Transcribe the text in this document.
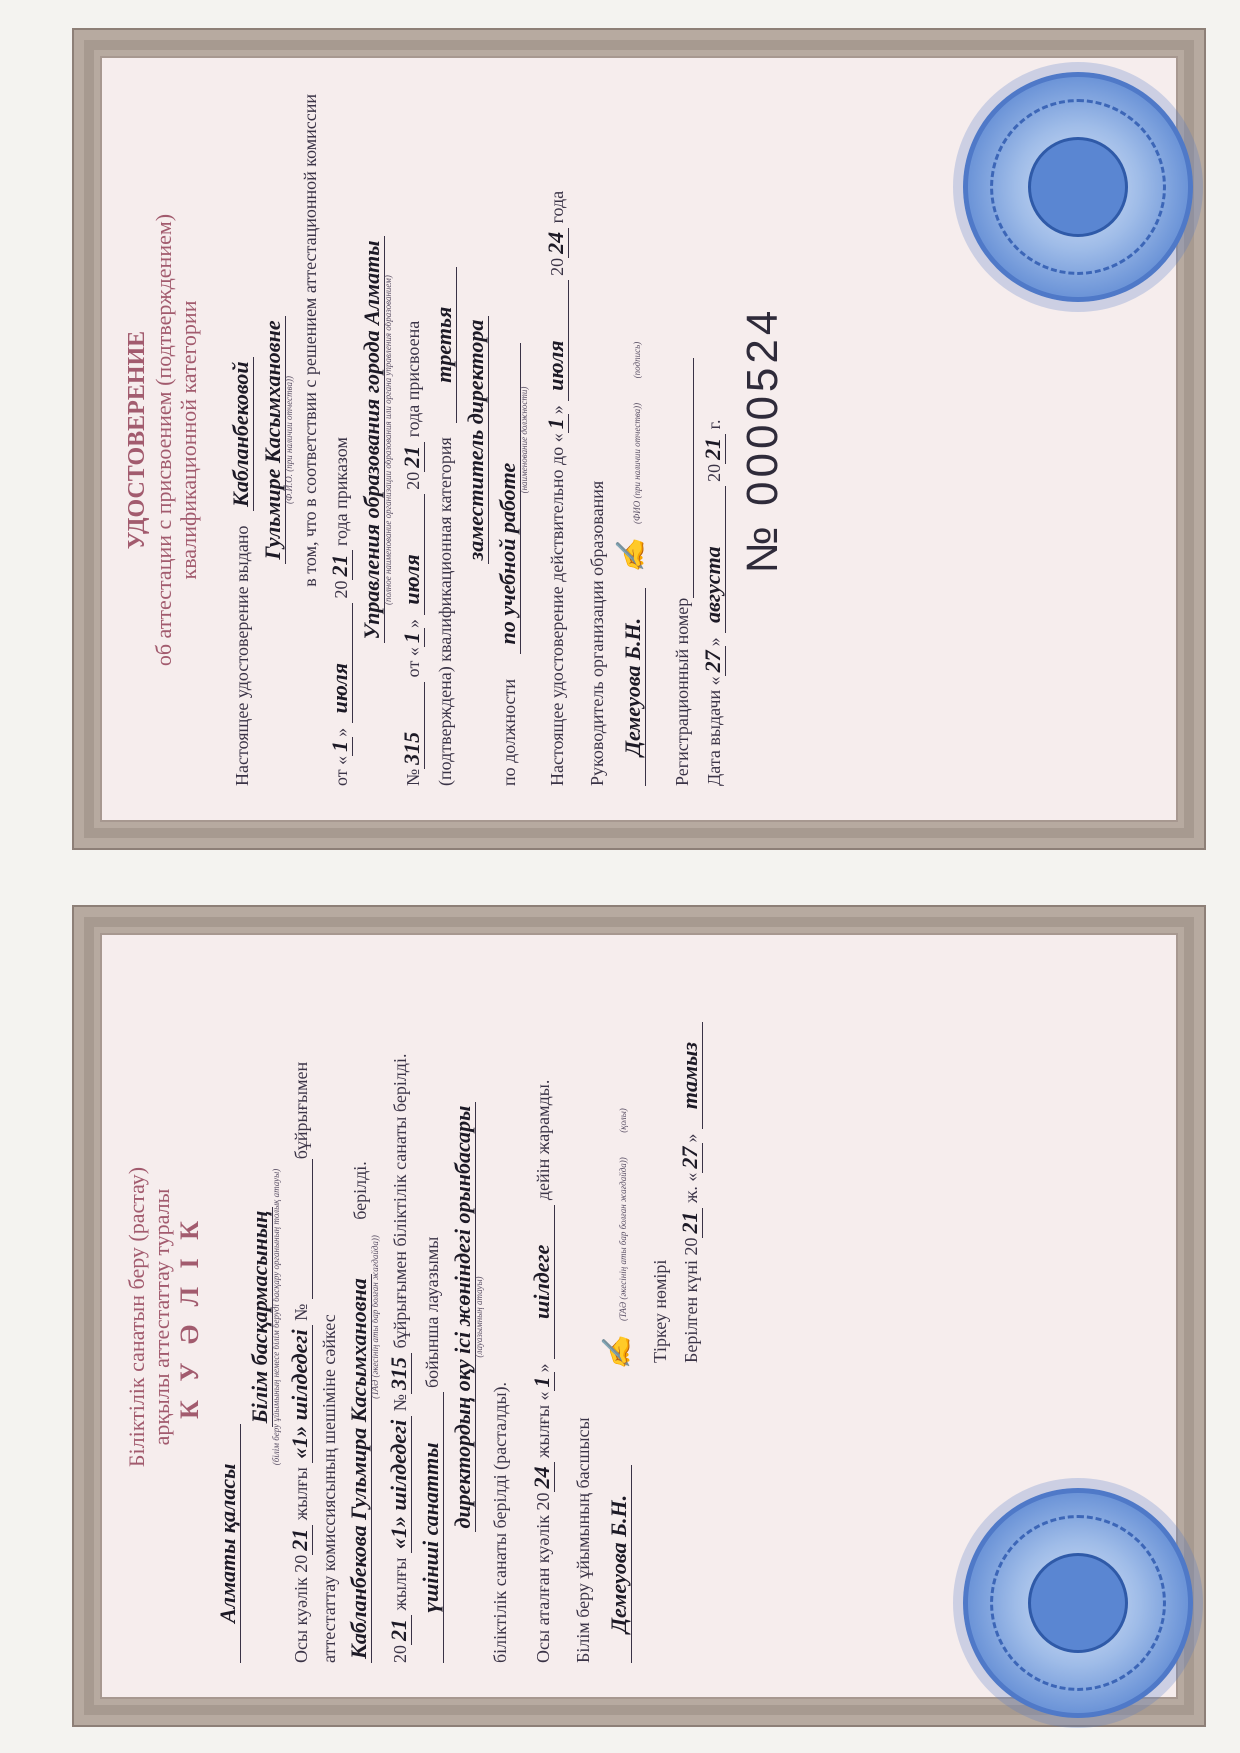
УДОСТОВЕРЕНИЕ об аттестации с присвоением (подтверждением) квалификационной категории

Настоящее удостоверение выдано Кабланбековой Гульмире Касымхановне (Ф.И.О. (при наличии отчества)) в том, что в соответствии с решением аттестационной комиссии
от «1» июля 2021 года приказом Управления образования города Алматы (полное наименование организации образования или органа управления образованием)
№315 от «1» июля 2021 года присвоена
(подтверждена) квалификационная категория третья заместитель директора
по должности по учебной работе
(наименование должности) Настоящее удостоверение действительно до «1» июля 2024 года
Руководитель организации образования Демеуова Б.Н. ✍ (ФИО (при наличии отчества)) (подпись)
Регистрационный номер Дата выдачи «27» августа 2021 г. № 0000524

Біліктілік санатын беру (растау) арқылы аттестаттау туралы К У Ә Л І К

Алматы қаласы
Білім басқармасының (білім беру ұйымының немесе білім беруді басқару органының толық атауы)
Осы куәлік 2021 жылғы «1» шілдедегі № бұйрығымен
аттестаттау комиссиясының шешіміне сәйкес Кабланбекова Гульмира Касымхановна берілді.
(ТАӘ (әкесінің аты бар болған жағдайда))
2021 жылғы «1» шілдедегі №315 бұйрығымен біліктілік санаты берілді.
үшінші санатты бойынша лауазымы директордың оқу ісі жөніндегі орынбасары (лауазымның атауы)
біліктілік санаты берілді (расталды). Осы аталған куәлік 2024 жылғы «1» шілдеге дейін жарамды.
Білім беру ұйымының басшысы Демеуова Б.Н. ✍ (ТАӘ (әкесінің аты бар болған жағдайда)) (қолы)
Тіркеу нөмірі Берілген күні 2021 ж. «27» тамыз
